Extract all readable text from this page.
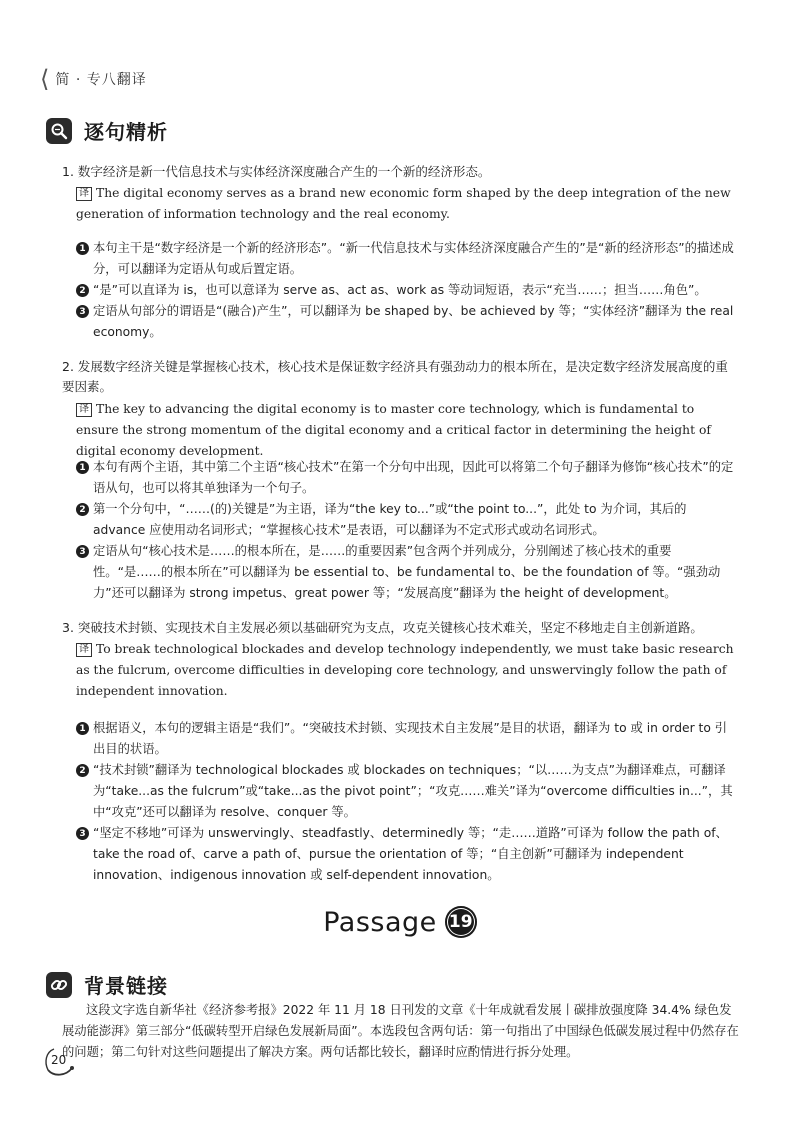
⟨ 简 · 专八翻译
逐句精析
1. 数字经济是新一代信息技术与实体经济深度融合产生的一个新的经济形态。
译 The digital economy serves as a brand new economic form shaped by the deep integration of the new generation of information technology and the real economy.
1 本句主干是“数字经济是一个新的经济形态”。“新一代信息技术与实体经济深度融合产生的”是“新的经济形态”的描述成分，可以翻译为定语从句或后置定语。
2 “是”可以直译为 is，也可以意译为 serve as、act as、work as 等动词短语，表示“充当……；担当……角色”。
3 定语从句部分的谓语是“(融合)产生”，可以翻译为 be shaped by、be achieved by 等；“实体经济”翻译为 the real economy。
2. 发展数字经济关键是掌握核心技术，核心技术是保证数字经济具有强劲动力的根本所在，是决定数字经济发展高度的重要因素。
译 The key to advancing the digital economy is to master core technology, which is fundamental to ensure the strong momentum of the digital economy and a critical factor in determining the height of digital economy development.
1 本句有两个主语，其中第二个主语“核心技术”在第一个分句中出现，因此可以将第二个句子翻译为修饰“核心技术”的定语从句，也可以将其单独译为一个句子。
2 第一个分句中，“……(的)关键是”为主语，译为“the key to...”或“the point to...”，此处 to 为介词，其后的 advance 应使用动名词形式；“掌握核心技术”是表语，可以翻译为不定式形式或动名词形式。
3 定语从句“核心技术是……的根本所在，是……的重要因素”包含两个并列成分，分别阐述了核心技术的重要性。“是……的根本所在”可以翻译为 be essential to、be fundamental to、be the foundation of 等。“强劲动力”还可以翻译为 strong impetus、great power 等；“发展高度”翻译为 the height of development。
3. 突破技术封锁、实现技术自主发展必须以基础研究为支点，攻克关键核心技术难关，坚定不移地走自主创新道路。
译 To break technological blockades and develop technology independently, we must take basic research as the fulcrum, overcome difficulties in developing core technology, and unswervingly follow the path of independent innovation.
1 根据语义，本句的逻辑主语是“我们”。“突破技术封锁、实现技术自主发展”是目的状语，翻译为 to 或 in order to 引出目的状语。
2 “技术封锁”翻译为 technological blockades 或 blockades on techniques；“以……为支点”为翻译难点，可翻译为“take...as the fulcrum”或“take...as the pivot point”；“攻克……难关”译为“overcome difficulties in...”，其中“攻克”还可以翻译为 resolve、conquer 等。
3 “坚定不移地”可译为 unswervingly、steadfastly、determinedly 等；“走……道路”可译为 follow the path of、take the road of、carve a path of、pursue the orientation of 等；“自主创新”可翻译为 independent innovation、indigenous innovation 或 self-dependent innovation。
Passage 19
背景链接
这段文字选自新华社《经济参考报》2022 年 11 月 18 日刊发的文章《十年成就看发展丨碳排放强度降 34.4% 绿色发展动能澎湃》第三部分“低碳转型开启绿色发展新局面”。本选段包含两句话：第一句指出了中国绿色低碳发展过程中仍然存在的问题；第二句针对这些问题提出了解决方案。两句话都比较长，翻译时应酌情进行拆分处理。
20
